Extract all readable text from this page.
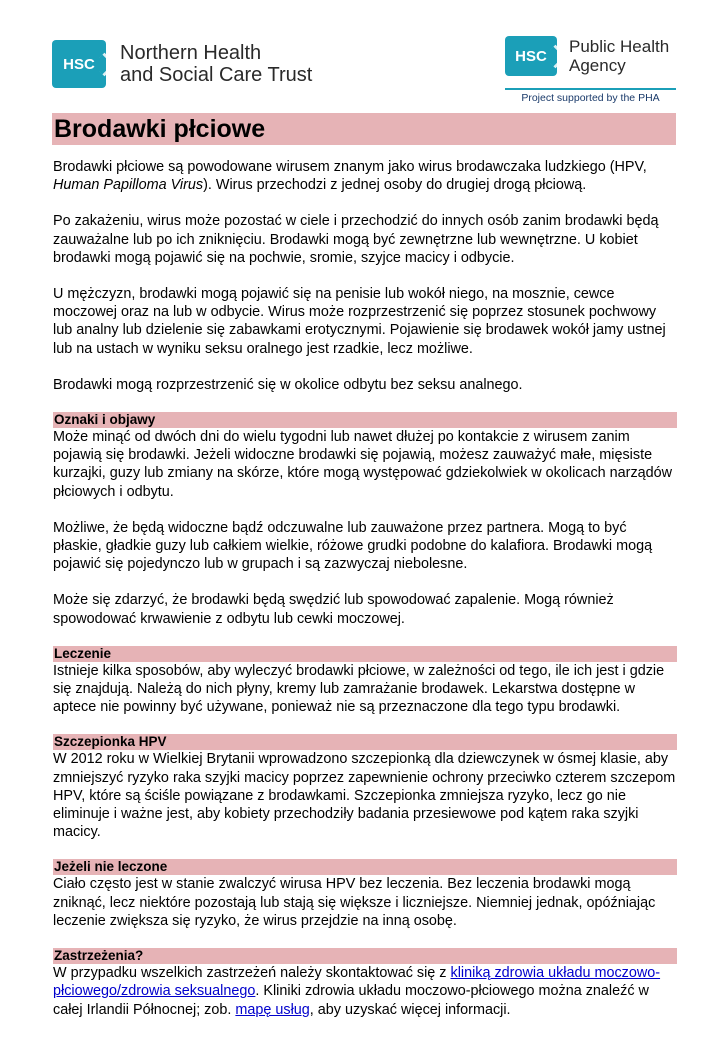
HSC	Northern Health
and Social Care Trust
HSC	Public Health
Agency
Project supported by the PHA
Brodawki płciowe

Brodawki płciowe są powodowane wirusem znanym jako wirus brodawczaka ludzkiego (HPV, Human Papilloma Virus). Wirus przechodzi z jednej osoby do drugiej drogą płciową.

Po zakażeniu, wirus może pozostać w ciele i przechodzić do innych osób zanim brodawki będą zauważalne lub po ich zniknięciu. Brodawki mogą być zewnętrzne lub wewnętrzne. U kobiet brodawki mogą pojawić się na pochwie, sromie, szyjce macicy i odbycie.

U mężczyzn, brodawki mogą pojawić się na penisie lub wokół niego, na mosznie, cewce moczowej oraz na lub w odbycie. Wirus może rozprzestrzenić się poprzez stosunek pochwowy lub analny lub dzielenie się zabawkami erotycznymi. Pojawienie się brodawek wokół jamy ustnej lub na ustach w wyniku seksu oralnego jest rzadkie, lecz możliwe.

Brodawki mogą rozprzestrzenić się w okolice odbytu bez seksu analnego.

Oznaki i objawy

Może minąć od dwóch dni do wielu tygodni lub nawet dłużej po kontakcie z wirusem zanim pojawią się brodawki. Jeżeli widoczne brodawki się pojawią, możesz zauważyć małe, mięsiste kurzajki, guzy lub zmiany na skórze, które mogą występować gdziekolwiek w okolicach narządów płciowych i odbytu.

Możliwe, że będą widoczne bądź odczuwalne lub zauważone przez partnera. Mogą to być płaskie, gładkie guzy lub całkiem wielkie, różowe grudki podobne do kalafiora. Brodawki mogą pojawić się pojedynczo lub w grupach i są zazwyczaj niebolesne.

Może się zdarzyć, że brodawki będą swędzić lub spowodować zapalenie. Mogą również spowodować krwawienie z odbytu lub cewki moczowej.

Leczenie

Istnieje kilka sposobów, aby wyleczyć brodawki płciowe, w zależności od tego, ile ich jest i gdzie się znajdują. Należą do nich płyny, kremy lub zamrażanie brodawek. Lekarstwa dostępne w aptece nie powinny być używane, ponieważ nie są przeznaczone dla tego typu brodawki.

Szczepionka HPV

W 2012 roku w Wielkiej Brytanii wprowadzono szczepionką dla dziewczynek w ósmej klasie, aby zmniejszyć ryzyko raka szyjki macicy poprzez zapewnienie ochrony przeciwko czterem szczepom HPV, które są ściśle powiązane z brodawkami. Szczepionka zmniejsza ryzyko, lecz go nie eliminuje i ważne jest, aby kobiety przechodziły badania przesiewowe pod kątem raka szyjki macicy.

Jeżeli nie leczone

Ciało często jest w stanie zwalczyć wirusa HPV bez leczenia. Bez leczenia brodawki mogą zniknąć, lecz niektóre pozostają lub stają się większe i liczniejsze. Niemniej jednak, opóźniając leczenie zwiększa się ryzyko, że wirus przejdzie na inną osobę.

Zastrzeżenia?

W przypadku wszelkich zastrzeżeń należy skontaktować się z kliniką zdrowia układu moczowo-płciowego/zdrowia seksualnego. Kliniki zdrowia układu moczowo-płciowego można znaleźć w całej Irlandii Północnej; zob. mapę usług, aby uzyskać więcej informacji.
